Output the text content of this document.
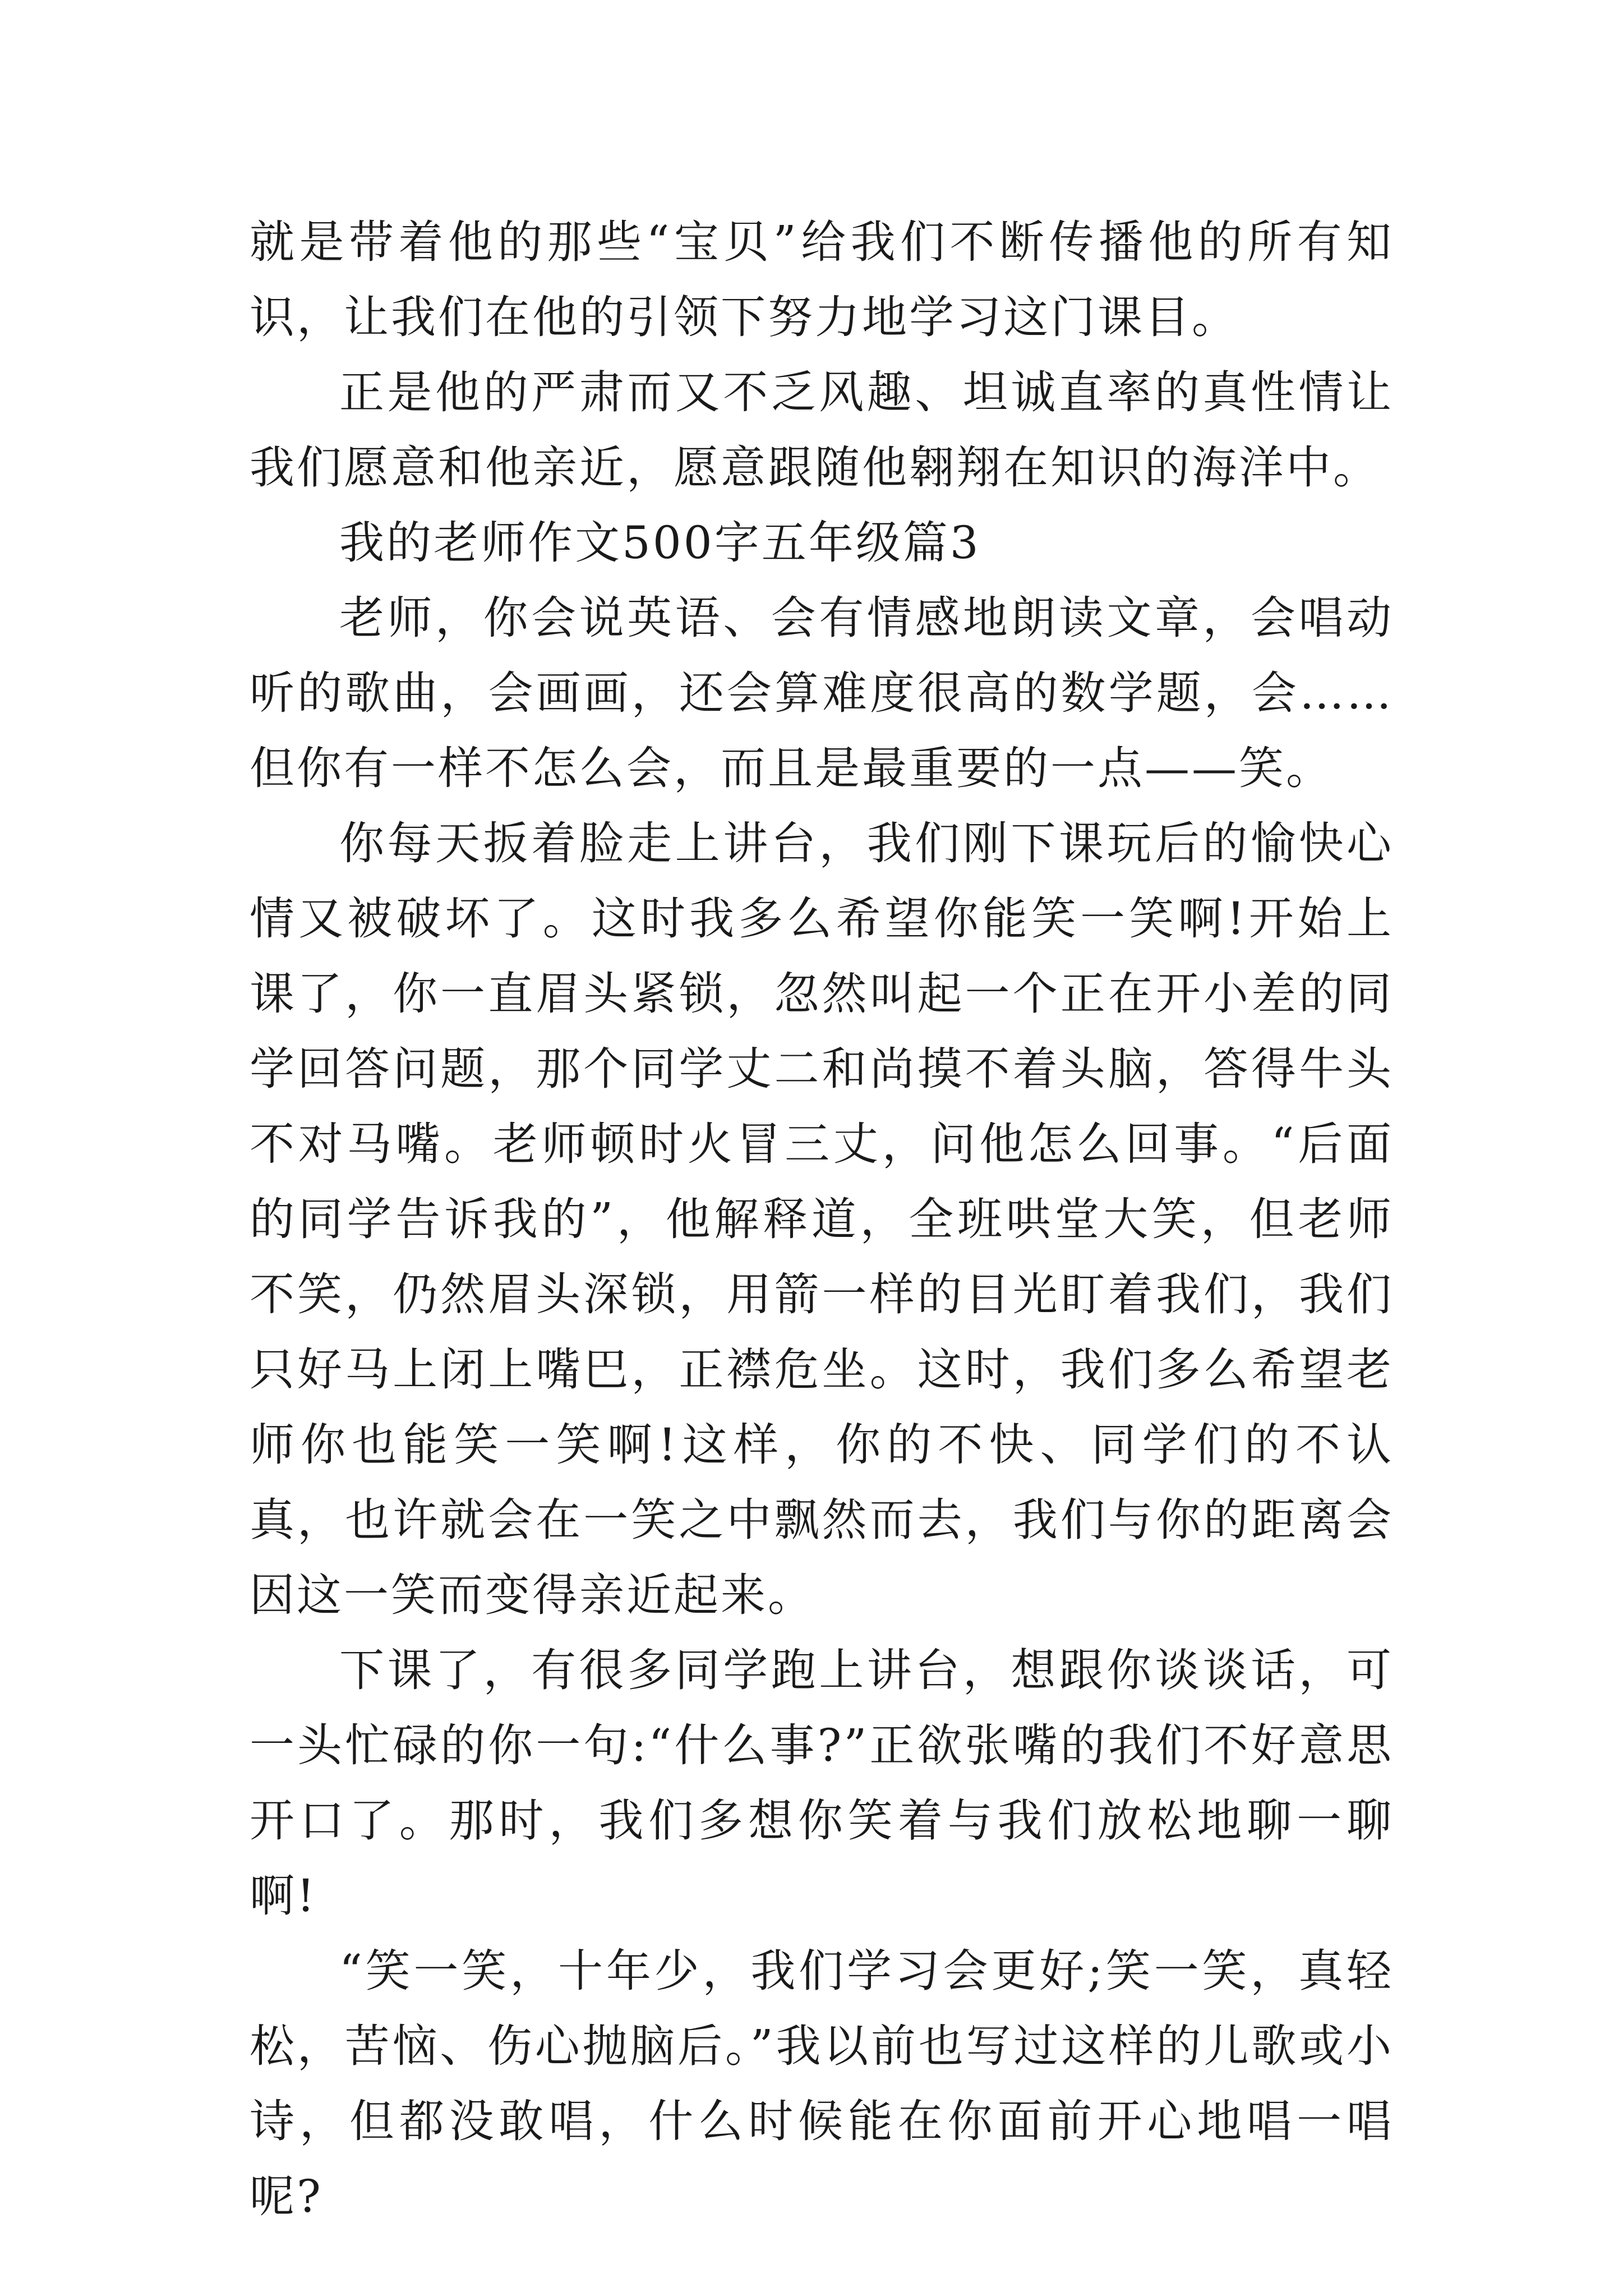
就是带着他的那些“宝贝”给我们不断传播他的所有知识，让我们在他的引领下努力地学习这门课目。

正是他的严肃而又不乏风趣、坦诚直率的真性情让我们愿意和他亲近，愿意跟随他翱翔在知识的海洋中。

我的老师作文500字五年级篇3

老师，你会说英语、会有情感地朗读文章，会唱动听的歌曲，会画画，还会算难度很高的数学题，会……但你有一样不怎么会，而且是最重要的一点——笑。

你每天扳着脸走上讲台，我们刚下课玩后的愉快心情又被破坏了。这时我多么希望你能笑一笑啊!开始上课了，你一直眉头紧锁，忽然叫起一个正在开小差的同学回答问题，那个同学丈二和尚摸不着头脑，答得牛头不对马嘴。老师顿时火冒三丈，问他怎么回事。“后面的同学告诉我的”，他解释道，全班哄堂大笑，但老师不笑，仍然眉头深锁，用箭一样的目光盯着我们，我们只好马上闭上嘴巴，正襟危坐。这时，我们多么希望老师你也能笑一笑啊!这样，你的不快、同学们的不认真，也许就会在一笑之中飘然而去，我们与你的距离会因这一笑而变得亲近起来。

下课了，有很多同学跑上讲台，想跟你谈谈话，可一头忙碌的你一句:“什么事?”正欲张嘴的我们不好意思开口了。那时，我们多想你笑着与我们放松地聊一聊啊!

“笑一笑，十年少，我们学习会更好;笑一笑，真轻松，苦恼、伤心抛脑后。”我以前也写过这样的儿歌或小诗，但都没敢唱，什么时候能在你面前开心地唱一唱呢?
